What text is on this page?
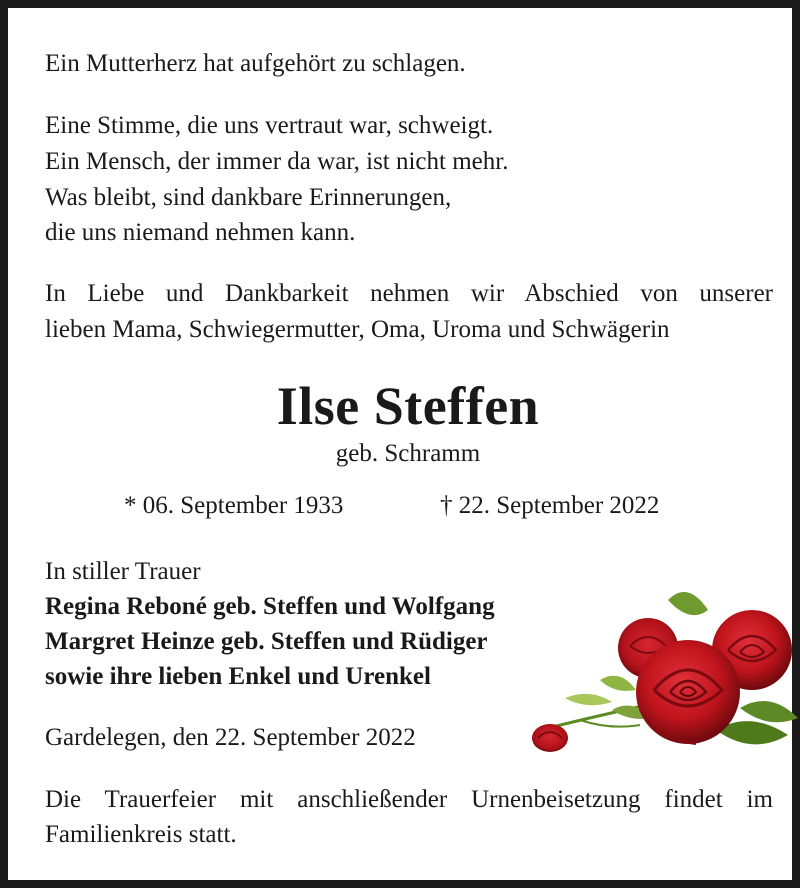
Ein Mutterherz hat aufgehört zu schlagen.
Eine Stimme, die uns vertraut war, schweigt.
Ein Mensch, der immer da war, ist nicht mehr.
Was bleibt, sind dankbare Erinnerungen,
die uns niemand nehmen kann.
In Liebe und Dankbarkeit nehmen wir Abschied von unserer
lieben Mama, Schwiegermutter, Oma, Uroma und Schwägerin
Ilse Steffen
geb. Schramm
* 06. September 1933	† 22. September 2022
In stiller Trauer
Regina Reboné geb. Steffen und Wolfgang
Margret Heinze geb. Steffen und Rüdiger
sowie ihre lieben Enkel und Urenkel
Gardelegen, den 22. September 2022
Die Trauerfeier mit anschließender Urnenbeisetzung findet im
Familienkreis statt.
